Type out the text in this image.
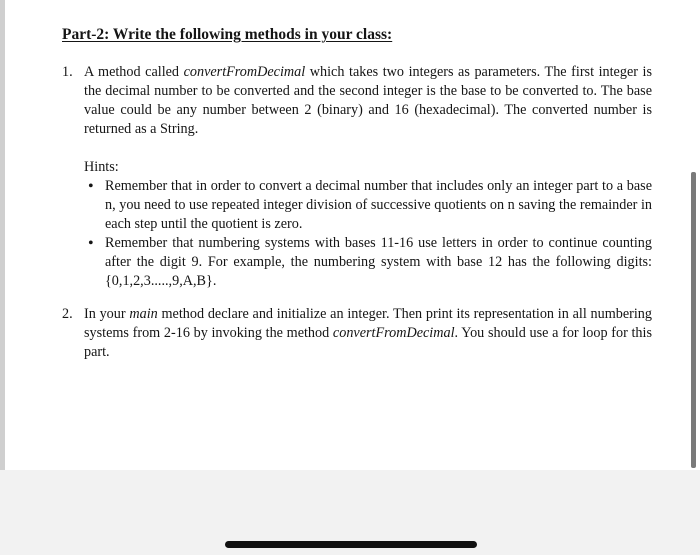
Part-2: Write the following methods in your class:
1. A method called convertFromDecimal which takes two integers as parameters. The first integer is the decimal number to be converted and the second integer is the base to be converted to. The base value could be any number between 2 (binary) and 16 (hexadecimal). The converted number is returned as a String.
Hints:
• Remember that in order to convert a decimal number that includes only an integer part to a base n, you need to use repeated integer division of successive quotients on n saving the remainder in each step until the quotient is zero.
• Remember that numbering systems with bases 11-16 use letters in order to continue counting after the digit 9. For example, the numbering system with base 12 has the following digits: {0,1,2,3.....,9,A,B}.
2. In your main method declare and initialize an integer. Then print its representation in all numbering systems from 2-16 by invoking the method convertFromDecimal. You should use a for loop for this part.
